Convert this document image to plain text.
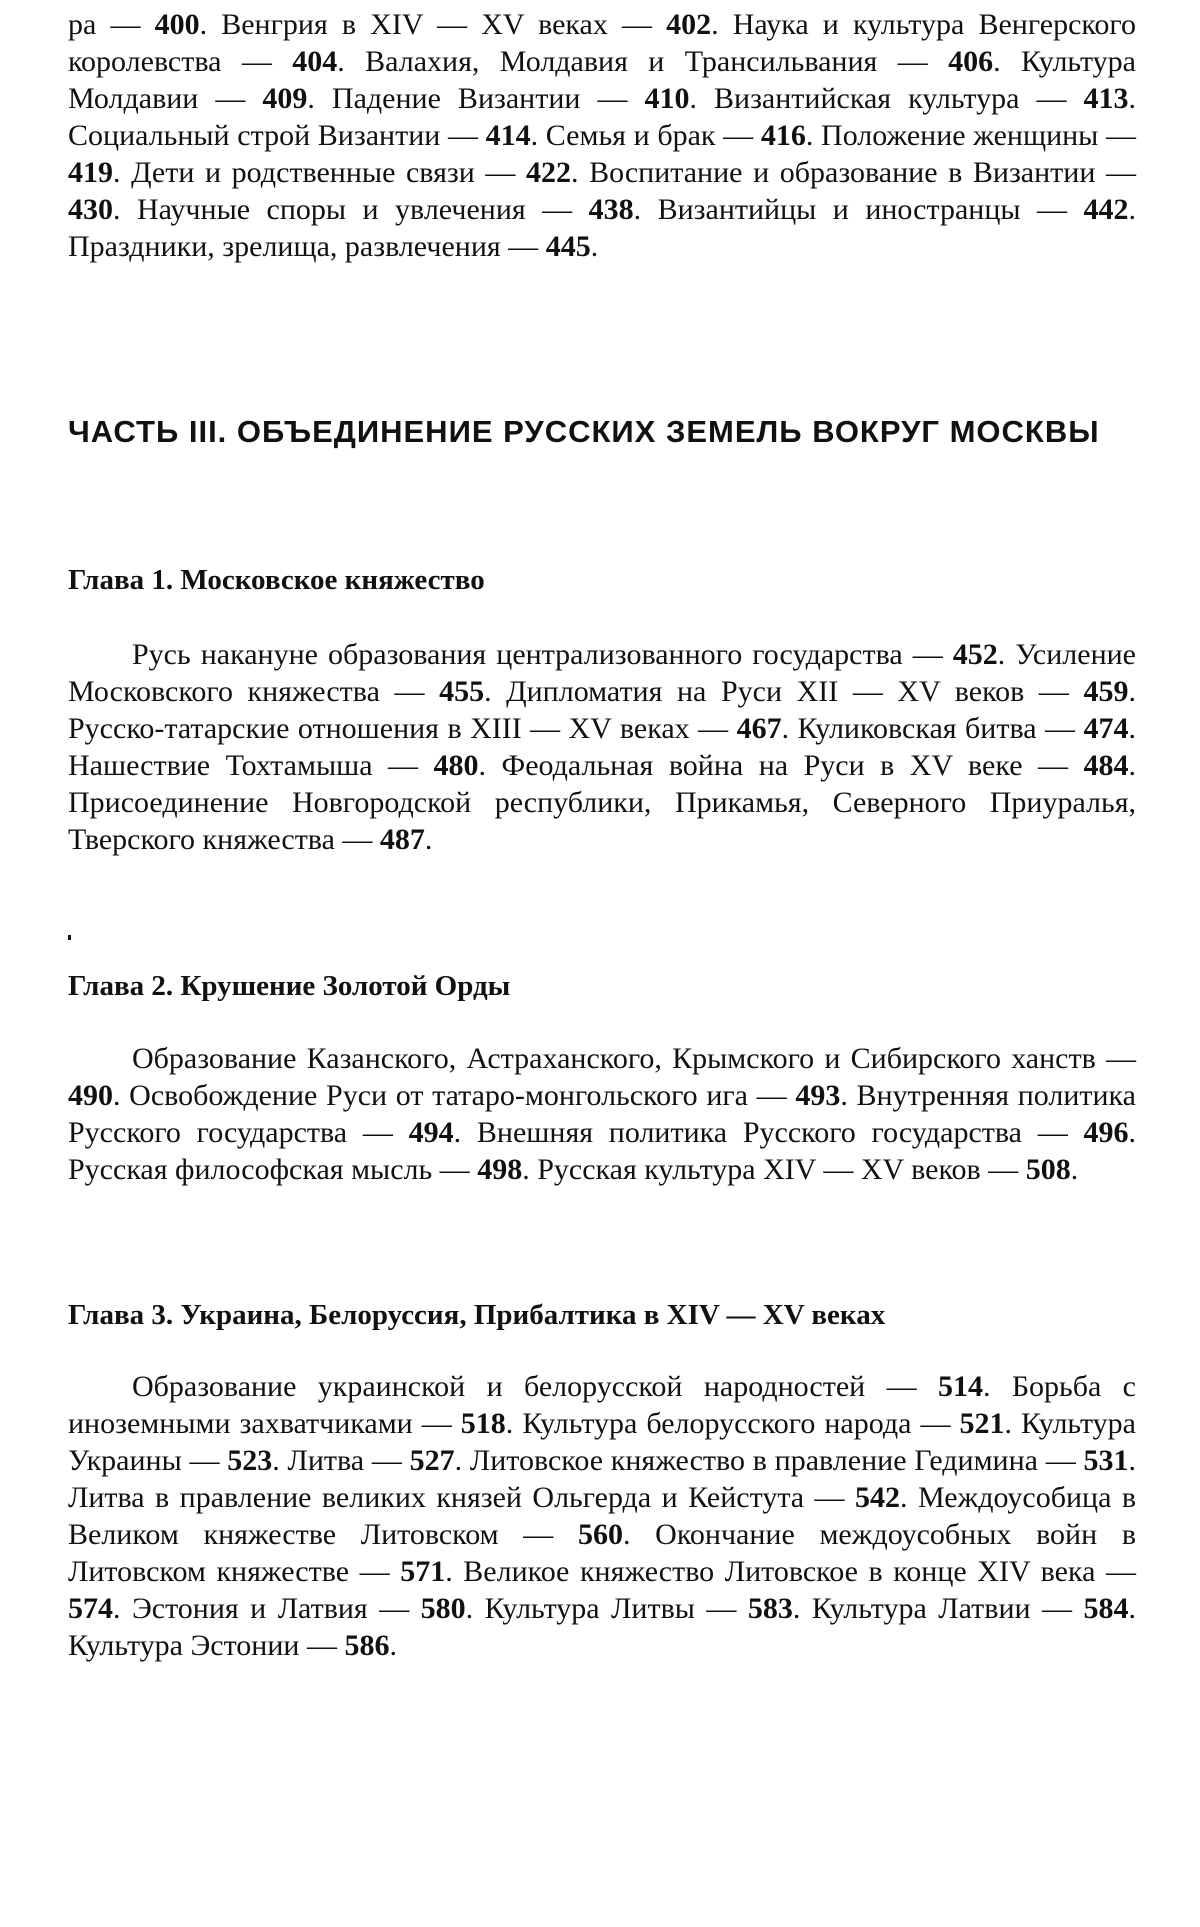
ра — 400. Венгрия в XIV — XV веках — 402. Наука и культура Венгерского королевства — 404. Валахия, Молдавия и Трансильвания — 406. Культура Молдавии — 409. Падение Византии — 410. Византийская культура — 413. Социальный строй Византии — 414. Семья и брак — 416. Положение женщины — 419. Дети и родственные связи — 422. Воспитание и образование в Византии — 430. Научные споры и увлечения — 438. Византийцы и иностранцы — 442. Праздники, зрелища, развлечения — 445.

ЧАСТЬ III. ОБЪЕДИНЕНИЕ РУССКИХ ЗЕМЕЛЬ ВОКРУГ МОСКВЫ
Глава 1. Московское княжество

Русь накануне образования централизованного государства — 452. Усиление Московского княжества — 455. Дипломатия на Руси XII — XV веков — 459. Русско-татарские отношения в XIII — XV веках — 467. Куликовская битва — 474. Нашествие Тохтамыша — 480. Феодальная война на Руси в XV веке — 484. Присоединение Новгородской республики, Прикамья, Северного Приуралья, Тверского княжества — 487.

Глава 2. Крушение Золотой Орды

Образование Казанского, Астраханского, Крымского и Сибирского ханств — 490. Освобождение Руси от татаро-монгольского ига — 493. Внутренняя политика Русского государства — 494. Внешняя политика Русского государства — 496. Русская философская мысль — 498. Русская культура XIV — XV веков — 508.

Глава 3. Украина, Белоруссия, Прибалтика в XIV — XV веках

Образование украинской и белорусской народностей — 514. Борьба с иноземными захватчиками — 518. Культура белорусского народа — 521. Культура Украины — 523. Литва — 527. Литовское княжество в правление Гедимина — 531. Литва в правление великих князей Ольгерда и Кейстута — 542. Междоусобица в Великом княжестве Литовском — 560. Окончание междоусобных войн в Литовском княжестве — 571. Великое княжество Литовское в конце XIV века — 574. Эстония и Латвия — 580. Культура Литвы — 583. Культура Латвии — 584. Культура Эстонии — 586.
